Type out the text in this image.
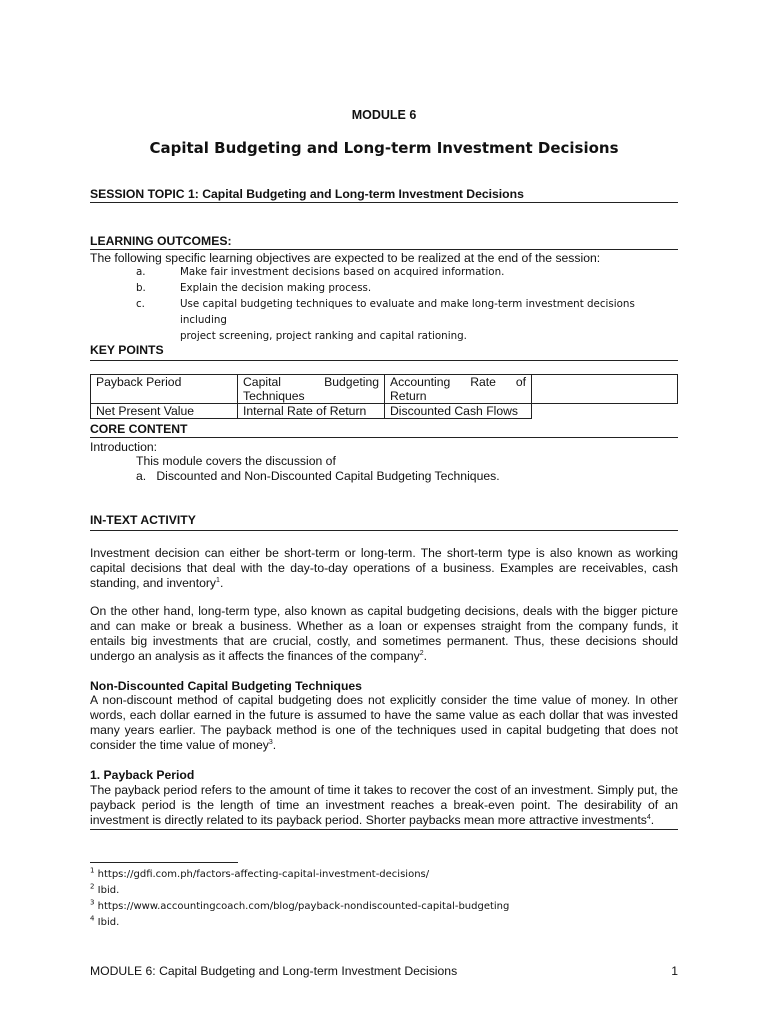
MODULE 6
Capital Budgeting and Long-term Investment Decisions
SESSION TOPIC 1: Capital Budgeting and Long-term Investment Decisions
LEARNING OUTCOMES:
The following specific learning objectives are expected to be realized at the end of the session:
a.	Make fair investment decisions based on acquired information.
b.	Explain the decision making process.
c.	Use capital budgeting techniques to evaluate and make long-term investment decisions including
project screening, project ranking and capital rationing.
KEY POINTS
Payback Period	Capital Budgeting Techniques	Accounting Rate of Return	
Net Present Value	Internal Rate of Return	Discounted Cash Flows	
CORE CONTENT
Introduction:
This module covers the discussion of
a.   Discounted and Non-Discounted Capital Budgeting Techniques.
IN-TEXT ACTIVITY
Investment decision can either be short-term or long-term. The short-term type is also known as working capital decisions that deal with the day-to-day operations of a business. Examples are receivables, cash standing, and inventory$^1$.
On the other hand, long-term type, also known as capital budgeting decisions, deals with the bigger picture and can make or break a business. Whether as a loan or expenses straight from the company funds, it entails big investments that are crucial, costly, and sometimes permanent. Thus, these decisions should undergo an analysis as it affects the finances of the company$^2$.
Non-Discounted Capital Budgeting Techniques
A non-discount method of capital budgeting does not explicitly consider the time value of money. In other words, each dollar earned in the future is assumed to have the same value as each dollar that was invested many years earlier. The payback method is one of the techniques used in capital budgeting that does not consider the time value of money$^3$.
1. Payback Period
The payback period refers to the amount of time it takes to recover the cost of an investment. Simply put, the payback period is the length of time an investment reaches a break-even point. The desirability of an investment is directly related to its payback period. Shorter paybacks mean more attractive investments$^4$.
$^1$ https://gdfi.com.ph/factors-affecting-capital-investment-decisions/
$^2$ Ibid.
$^3$ https://www.accountingcoach.com/blog/payback-nondiscounted-capital-budgeting
$^4$ Ibid.
MODULE 6: Capital Budgeting and Long-term Investment Decisions	1
